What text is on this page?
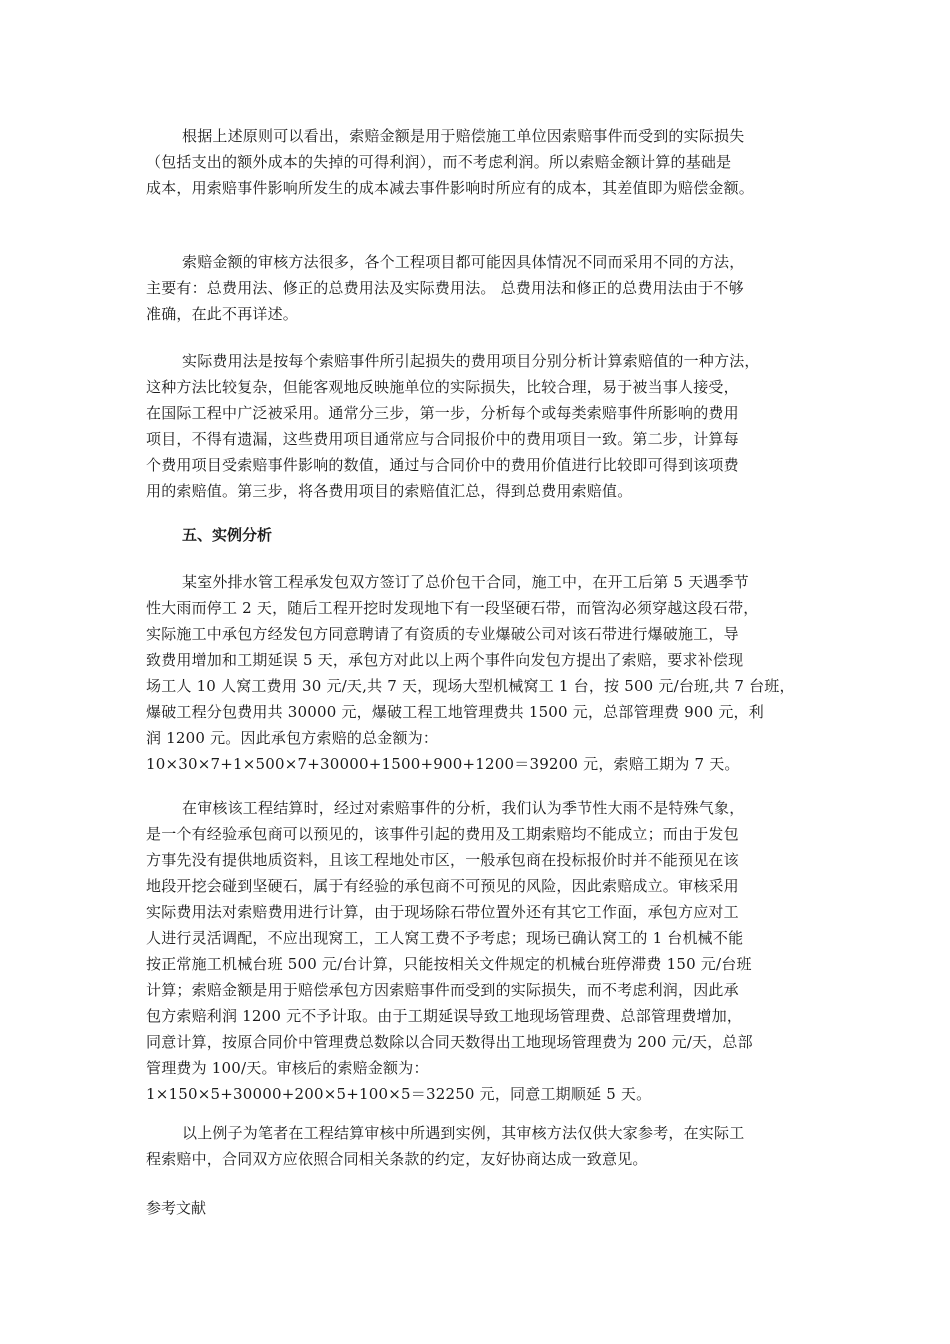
根据上述原则可以看出，索赔金额是用于赔偿施工单位因索赔事件而受到的实际损失
（包括支出的额外成本的失掉的可得利润），而不考虑利润。所以索赔金额计算的基础是
成本，用索赔事件影响所发生的成本减去事件影响时所应有的成本，其差值即为赔偿金额。
索赔金额的审核方法很多，各个工程项目都可能因具体情况不同而采用不同的方法，
主要有：总费用法、修正的总费用法及实际费用法。 总费用法和修正的总费用法由于不够
准确，在此不再详述。
实际费用法是按每个索赔事件所引起损失的费用项目分别分析计算索赔值的一种方法，
这种方法比较复杂，但能客观地反映施单位的实际损失，比较合理，易于被当事人接受，
在国际工程中广泛被采用。通常分三步，第一步，分析每个或每类索赔事件所影响的费用
项目，不得有遗漏，这些费用项目通常应与合同报价中的费用项目一致。第二步，计算每
个费用项目受索赔事件影响的数值，通过与合同价中的费用价值进行比较即可得到该项费
用的索赔值。第三步，将各费用项目的索赔值汇总，得到总费用索赔值。
五、实例分析
某室外排水管工程承发包双方签订了总价包干合同，施工中，在开工后第 5 天遇季节
性大雨而停工 2 天，随后工程开挖时发现地下有一段坚硬石带，而管沟必须穿越这段石带，
实际施工中承包方经发包方同意聘请了有资质的专业爆破公司对该石带进行爆破施工，导
致费用增加和工期延误 5 天，承包方对此以上两个事件向发包方提出了索赔，要求补偿现
场工人 10 人窝工费用 30 元/天,共 7 天，现场大型机械窝工 1 台，按 500 元/台班,共 7 台班，
爆破工程分包费用共 30000 元，爆破工程工地管理费共 1500 元，总部管理费 900 元，利
润 1200 元。因此承包方索赔的总金额为：
10×30×7+1×500×7+30000+1500+900+1200＝39200 元，索赔工期为 7 天。
在审核该工程结算时，经过对索赔事件的分析，我们认为季节性大雨不是特殊气象，
是一个有经验承包商可以预见的，该事件引起的费用及工期索赔均不能成立；而由于发包
方事先没有提供地质资料，且该工程地处市区，一般承包商在投标报价时并不能预见在该
地段开挖会碰到坚硬石，属于有经验的承包商不可预见的风险，因此索赔成立。审核采用
实际费用法对索赔费用进行计算，由于现场除石带位置外还有其它工作面，承包方应对工
人进行灵活调配，不应出现窝工，工人窝工费不予考虑；现场已确认窝工的 1 台机械不能
按正常施工机械台班 500 元/台计算，只能按相关文件规定的机械台班停滞费 150 元/台班
计算；索赔金额是用于赔偿承包方因索赔事件而受到的实际损失，而不考虑利润，因此承
包方索赔利润 1200 元不予计取。由于工期延误导致工地现场管理费、总部管理费增加，
同意计算，按原合同价中管理费总数除以合同天数得出工地现场管理费为 200 元/天，总部
管理费为 100/天。审核后的索赔金额为：
1×150×5+30000+200×5+100×5＝32250 元，同意工期顺延 5 天。
以上例子为笔者在工程结算审核中所遇到实例，其审核方法仅供大家参考，在实际工
程索赔中，合同双方应依照合同相关条款的约定，友好协商达成一致意见。
参考文献
